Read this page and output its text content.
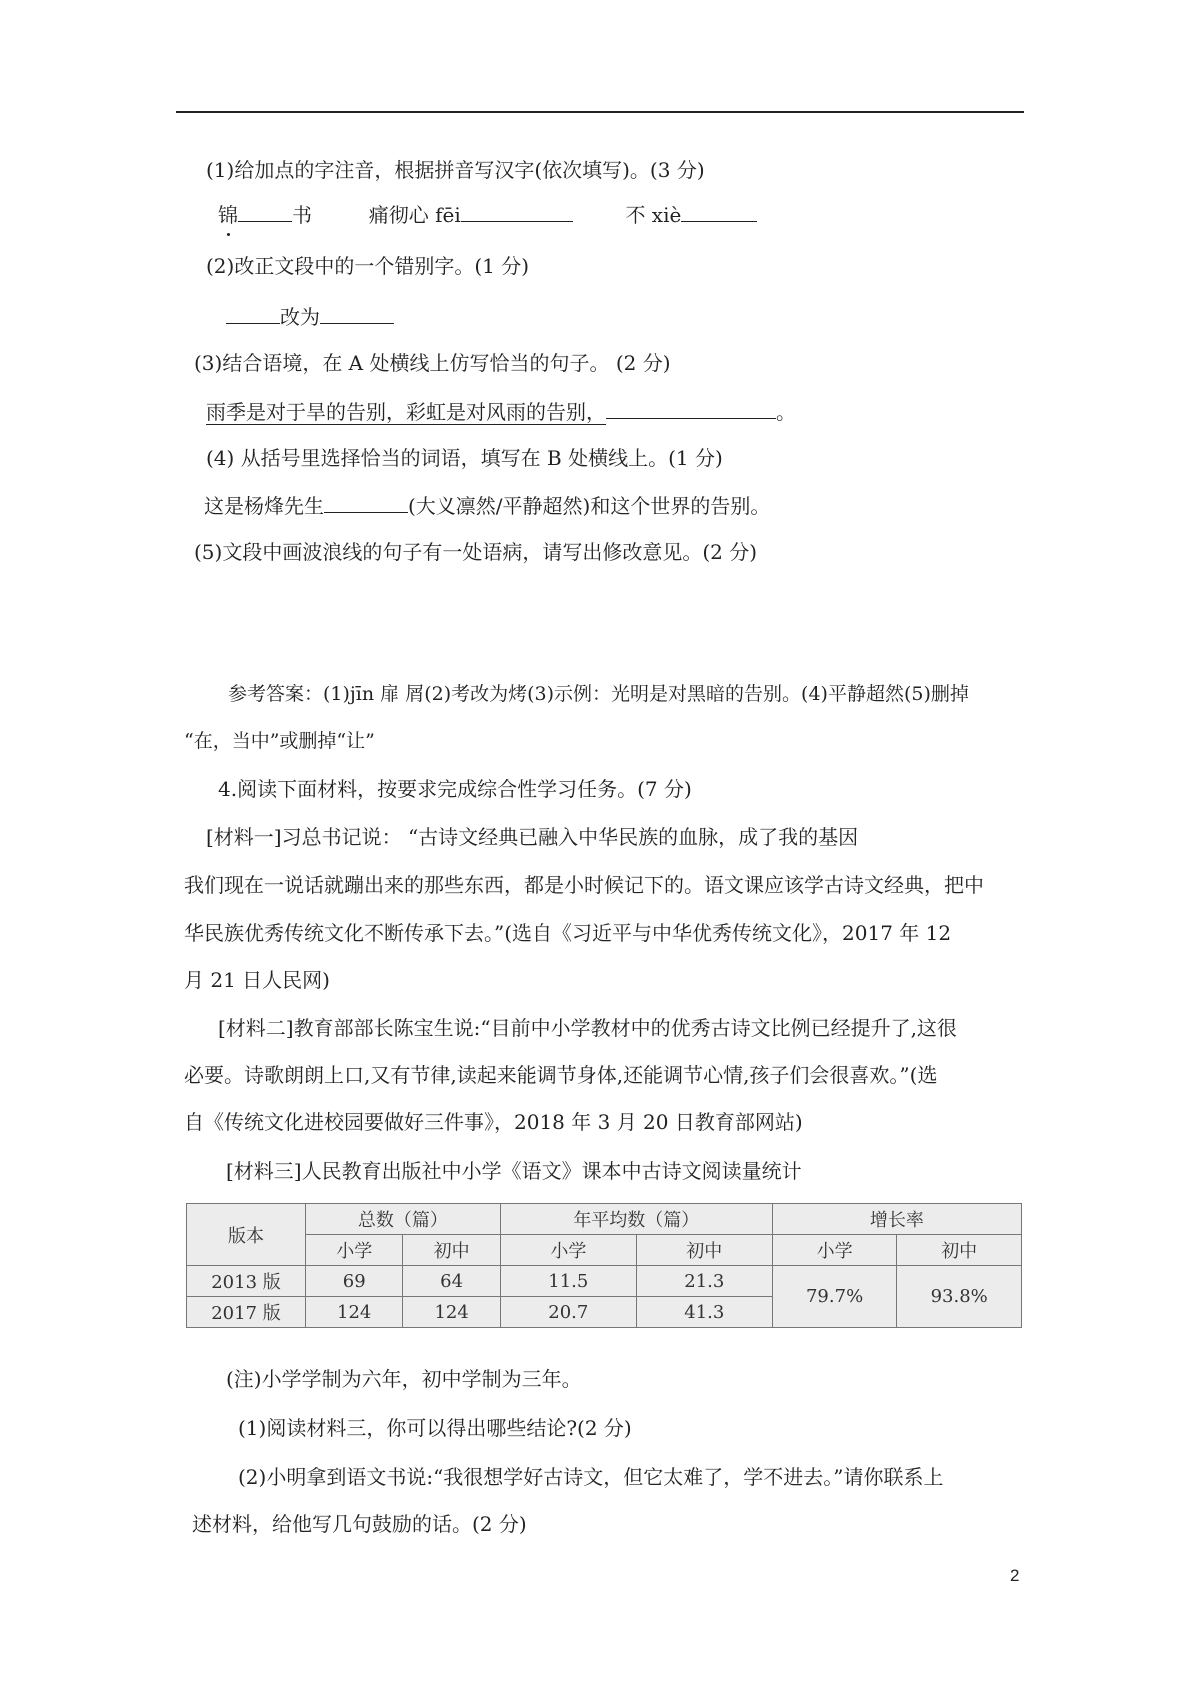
(1)给加点的字注音，根据拼音写汉字(依次填写)。(3 分)
锦	书	痛彻心 fēi	不 xiè
(2)改正文段中的一个错别字。(1 分)
改为
(3)结合语境，在 A 处横线上仿写恰当的句子。 (2 分)
雨季是对于旱的告别，彩虹是对风雨的告别，	。
(4) 从括号里选择恰当的词语，填写在 B 处横线上。(1 分)
这是杨烽先生	(大义凛然/平静超然)和这个世界的告别。
(5)文段中画波浪线的句子有一处语病，请写出修改意见。(2 分)
参考答案：(1)jīn 扉 屑(2)考改为烤(3)示例：光明是对黑暗的告别。(4)平静超然(5)删掉
“在，当中”或删掉“让”
4.阅读下面材料，按要求完成综合性学习任务。(7 分)
[材料一]习总书记说： “古诗文经典已融入中华民族的血脉，成了我的基因
我们现在一说话就蹦出来的那些东西，都是小时候记下的。语文课应该学古诗文经典，把中
华民族优秀传统文化不断传承下去。”(选自《习近平与中华优秀传统文化》，2017 年 12
月 21 日人民网)
[材料二]教育部部长陈宝生说:“目前中小学教材中的优秀古诗文比例已经提升了,这很
必要。诗歌朗朗上口,又有节律,读起来能调节身体,还能调节心情,孩子们会很喜欢。”(选
自《传统文化进校园要做好三件事》，2018 年 3 月 20 日教育部网站)
[材料三]人民教育出版社中小学《语文》课本中古诗文阅读量统计
版本	总数（篇）		年平均数（篇）		增长率	
	小学	初中	小学	初中	小学	初中
2013 版	69	64	11.5	21.3	79.7%	93.8%
2017 版	124	124	20.7	41.3		
(注)小学学制为六年，初中学制为三年。
(1)阅读材料三，你可以得出哪些结论?(2 分)
(2)小明拿到语文书说:“我很想学好古诗文，但它太难了，学不进去。”请你联系上
述材料，给他写几句鼓励的话。(2 分)
2
